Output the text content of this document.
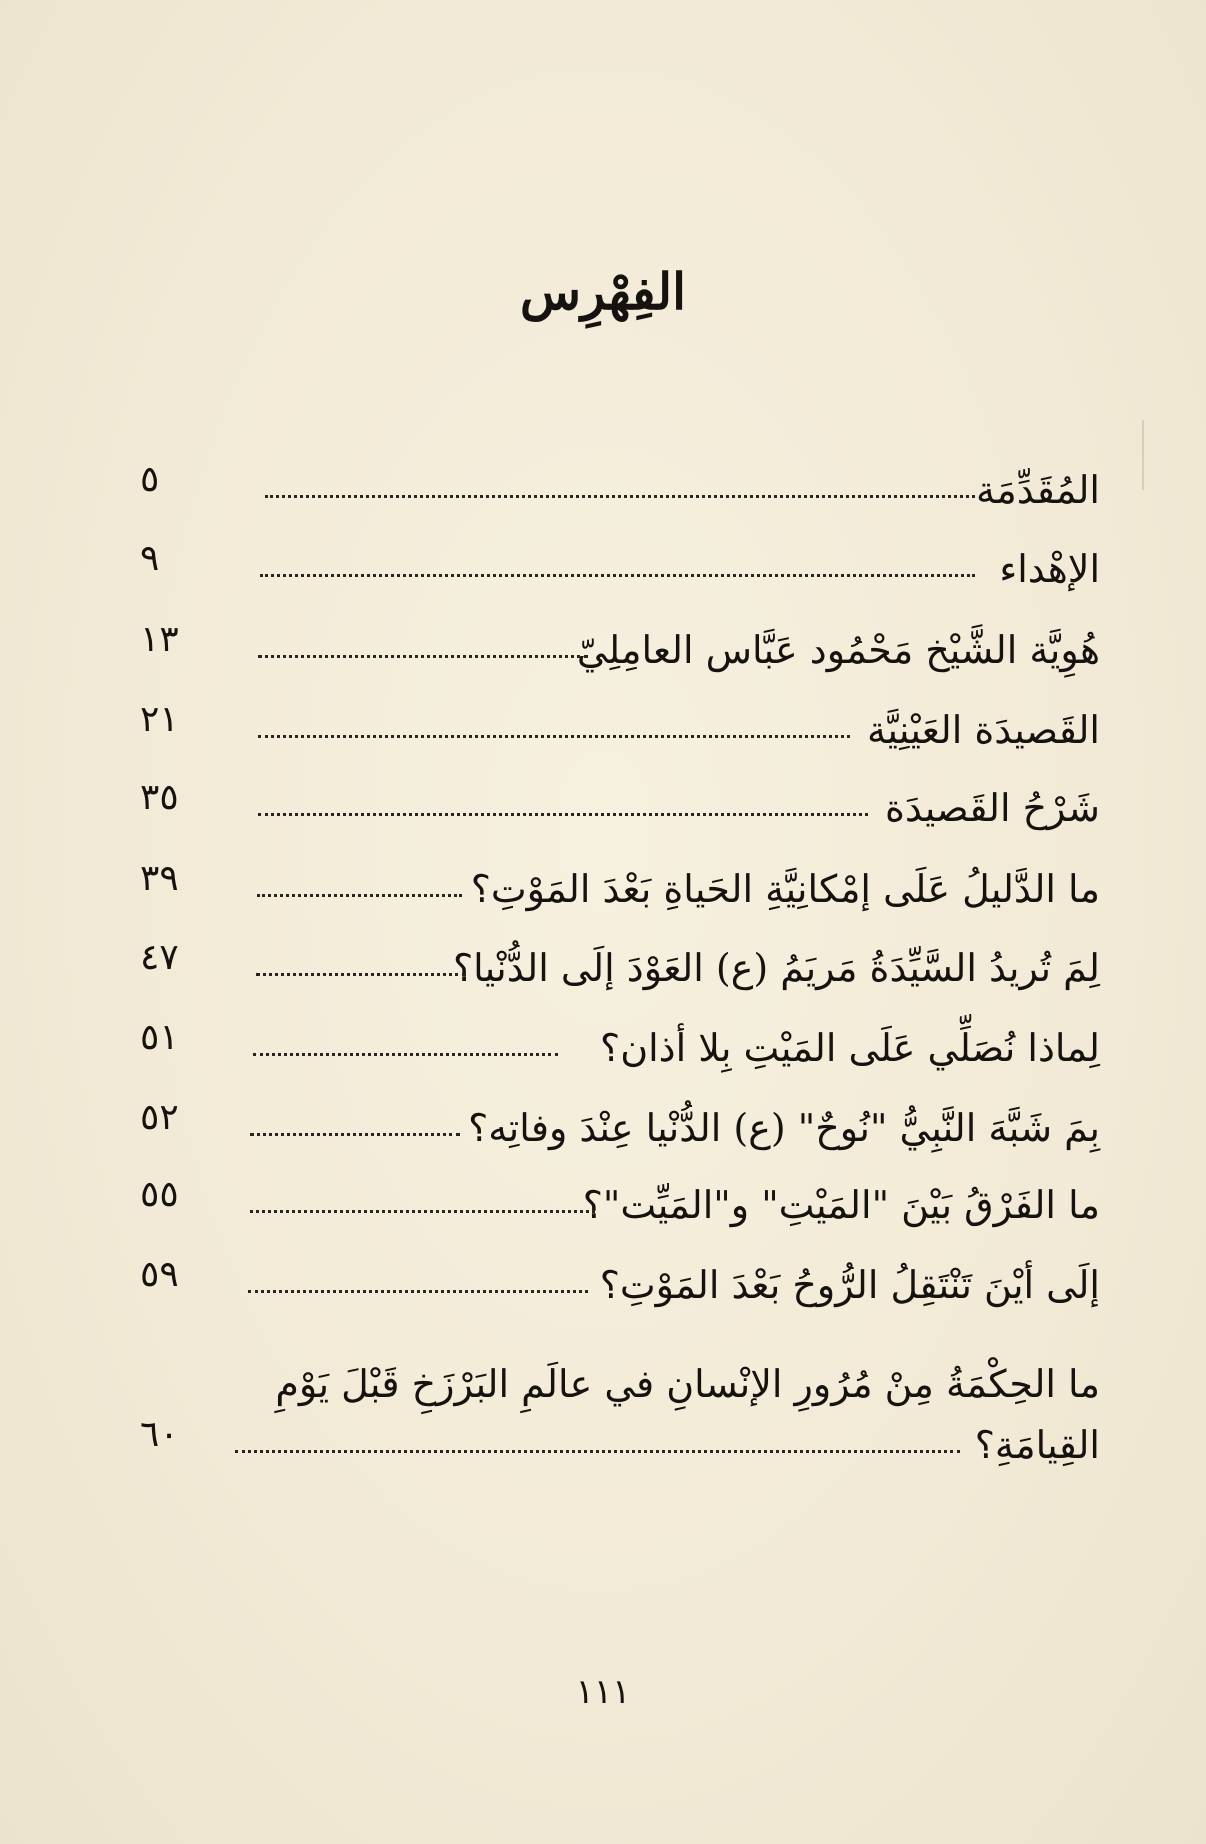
الفِهْرِس
المُقَدِّمَة
٥
الإهْداء
٩
هُوِيَّة الشَّيْخ مَحْمُود عَبَّاس العامِلِيّ
١٣
القَصيدَة العَيْنِيَّة
٢١
شَرْحُ القَصيدَة
٣٥
ما الدَّليلُ عَلَى إمْكانِيَّةِ الحَياةِ بَعْدَ المَوْتِ؟
٣٩
لِمَ تُريدُ السَّيِّدَةُ مَريَمُ (ع) العَوْدَ إلَى الدُّنْيا؟
٤٧
لِماذا نُصَلِّي عَلَى المَيْتِ بِلا أذان؟
٥١
بِمَ شَبَّهَ النَّبِيُّ "نُوحٌ" (ع) الدُّنْيا عِنْدَ وفاتِه؟
٥٢
ما الفَرْقُ بَيْنَ "المَيْتِ" و"المَيِّت"؟
٥٥
إلَى أيْنَ تَنْتَقِلُ الرُّوحُ بَعْدَ المَوْتِ؟
٥٩
ما الحِكْمَةُ مِنْ مُرُورِ الإنْسانِ في عالَمِ البَرْزَخِ قَبْلَ يَوْمِ
القِيامَةِ؟
٦٠
١١١
